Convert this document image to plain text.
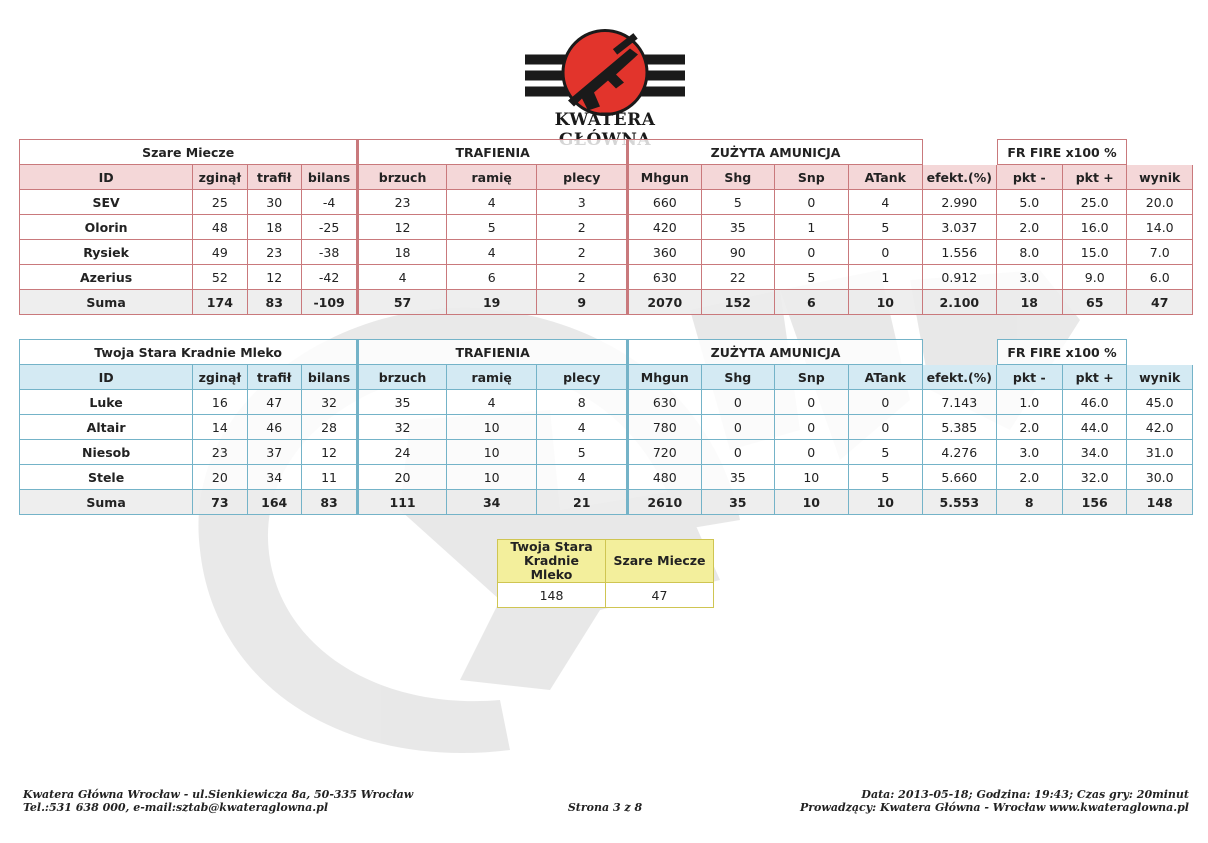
KWATERA
Szare Miecze				TRAFIENIA			ZUŻYTA AMUNICJA					FR FIRE x100 %		
ID	zginął	trafił	bilans	brzuch	ramię	plecy	Mhgun	Shg	Snp	ATank	efekt.(%)	pkt -	pkt +	wynik
SEV	25	30	-4	23	4	3	660	5	0	4	2.990	5.0	25.0	20.0
Olorin	48	18	-25	12	5	2	420	35	1	5	3.037	2.0	16.0	14.0
Rysiek	49	23	-38	18	4	2	360	90	0	0	1.556	8.0	15.0	7.0
Azerius	52	12	-42	4	6	2	630	22	5	1	0.912	3.0	9.0	6.0
Suma	174	83	-109	57	19	9	2070	152	6	10	2.100	18	65	47
Twoja Stara Kradnie Mleko				TRAFIENIA			ZUŻYTA AMUNICJA					FR FIRE x100 %		
ID	zginął	trafił	bilans	brzuch	ramię	plecy	Mhgun	Shg	Snp	ATank	efekt.(%)	pkt -	pkt +	wynik
Luke	16	47	32	35	4	8	630	0	0	0	7.143	1.0	46.0	45.0
Altair	14	46	28	32	10	4	780	0	0	0	5.385	2.0	44.0	42.0
Niesob	23	37	12	24	10	5	720	0	0	5	4.276	3.0	34.0	31.0
Stele	20	34	11	20	10	4	480	35	10	5	5.660	2.0	32.0	30.0
Suma	73	164	83	111	34	21	2610	35	10	10	5.553	8	156	148
Twoja Stara
Kradnie Mleko	Szare Miecze
148	47
Kwatera Główna Wrocław - ul.Sienkiewicza 8a, 50-335 Wrocław
Tel.:531 638 000, e-mail:sztab@kwateraglowna.pl	Strona 3 z 8
Data: 2013-05-18; Godzina: 19:43; Czas gry: 20minut
Prowadzący: Kwatera Główna - Wrocław www.kwateraglowna.pl
